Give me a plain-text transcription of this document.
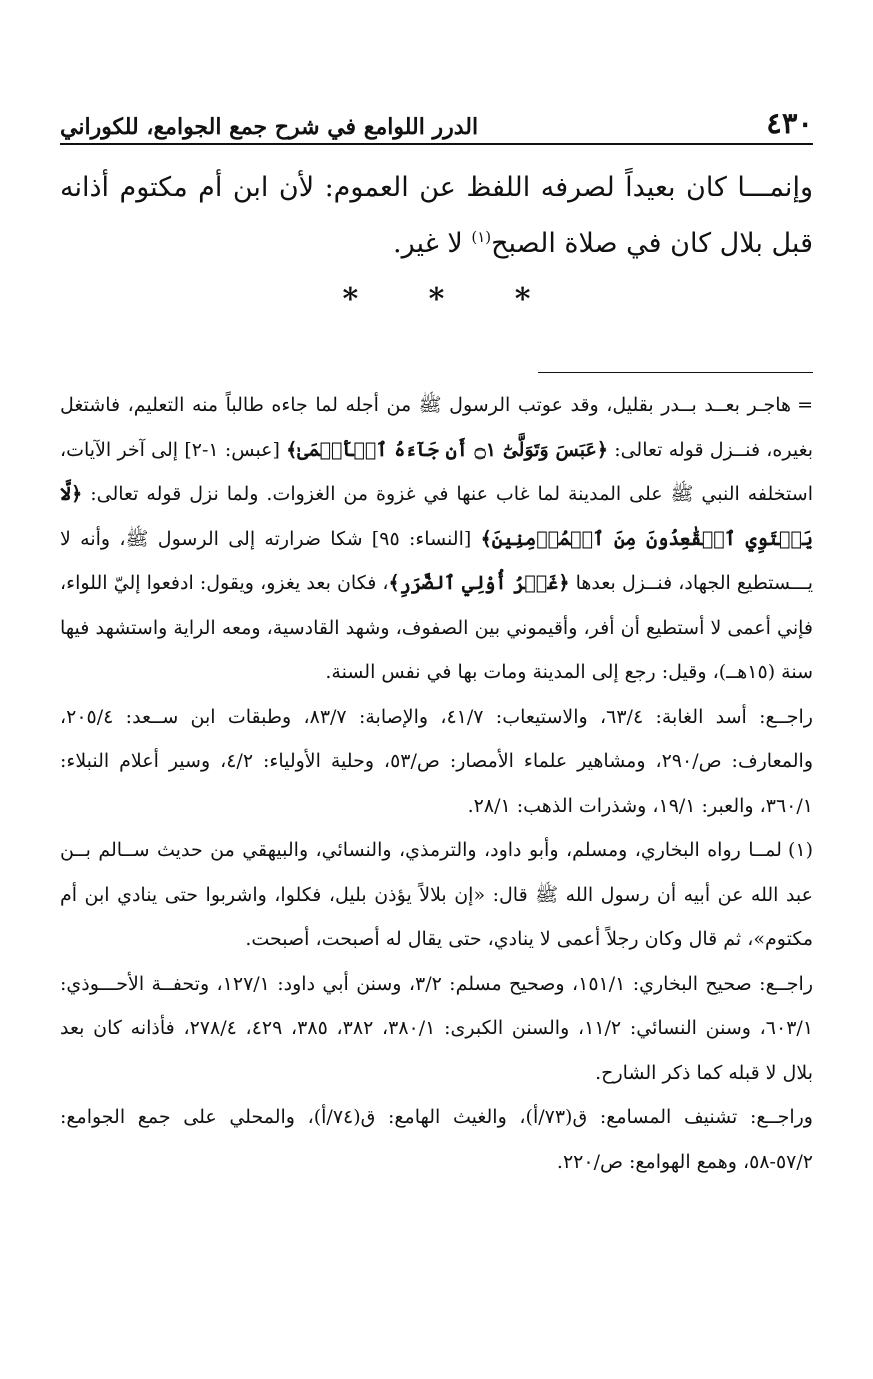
٤٣٠
الدرر اللوامع في شرح جمع الجوامع، للكوراني

وإنمـــا كان بعيداً لصرفه اللفظ عن العموم: لأن ابن أم مكتوم أذانه قبل بلال كان في صلاة الصبح$^{(١)}$ لا غير.

* * *

=هاجـر بعــد بــدر بقليل، وقد عوتب الرسول ﷺ من أجله لما جاءه طالباً منه التعليم، فاشتغل بغيره، فنــزل قوله تعالى: ﴿عَبَسَ وَتَوَلَّىٰٓ ۝١ أَن جَآءَهُ ٱلۡأَعۡمَىٰ﴾ [عبس: ١-٢] إلى آخر الآيات، استخلفه النبي ﷺ على المدينة لما غاب عنها في غزوة من الغزوات. ولما نزل قوله تعالى: ﴿لَّا يَسۡتَوِي ٱلۡقَٰعِدُونَ مِنَ ٱلۡمُؤۡمِنِينَ﴾ [النساء: ٩٥] شكا ضرارته إلى الرسول ﷺ، وأنه لا يـــستطيع الجهاد، فنــزل بعدها ﴿غَيۡرُ أُوْلِي ٱلضَّرَرِ﴾، فكان بعد يغزو، ويقول: ادفعوا إليّ اللواء، فإني أعمى لا أستطيع أن أفر، وأقيموني بين الصفوف، وشهد القادسية، ومعه الراية واستشهد فيها سنة (١٥هــ)، وقيل: رجع إلى المدينة ومات بها في نفس السنة.

راجــع: أسد الغابة: ٦٣/٤، والاستيعاب: ٤١/٧، والإصابة: ٨٣/٧، وطبقات ابن ســعد: ٢٠٥/٤، والمعارف: ص/٢٩٠، ومشاهير علماء الأمصار: ص/٥٣، وحلية الأولياء: ٤/٢، وسير أعلام النبلاء: ٣٦٠/١، والعبر: ١٩/١، وشذرات الذهب: ٢٨/١.

(١)لمــا رواه البخاري، ومسلم، وأبو داود، والترمذي، والنسائي، والبيهقي من حديث ســالم بــن عبد الله عن أبيه أن رسول الله ﷺ قال: «إن بلالاً يؤذن بليل، فكلوا، واشربوا حتى ينادي ابن أم مكتوم»، ثم قال وكان رجلاً أعمى لا ينادي، حتى يقال له أصبحت، أصبحت.

راجــع: صحيح البخاري: ١٥١/١، وصحيح مسلم: ٣/٢، وسنن أبي داود: ١٢٧/١، وتحفــة الأحـــوذي: ٦٠٣/١، وسنن النسائي: ١١/٢، والسنن الكبرى: ٣٨٠/١، ٣٨٢، ٣٨٥، ٤٢٩، ٢٧٨/٤، فأذانه كان بعد بلال لا قبله كما ذكر الشارح.

وراجــع: تشنيف المسامع: ق(٧٣/أ)، والغيث الهامع: ق(٧٤/أ)، والمحلي على جمع الجوامع: ٥٧/٢-٥٨، وهمع الهوامع: ص/٢٢٠.
